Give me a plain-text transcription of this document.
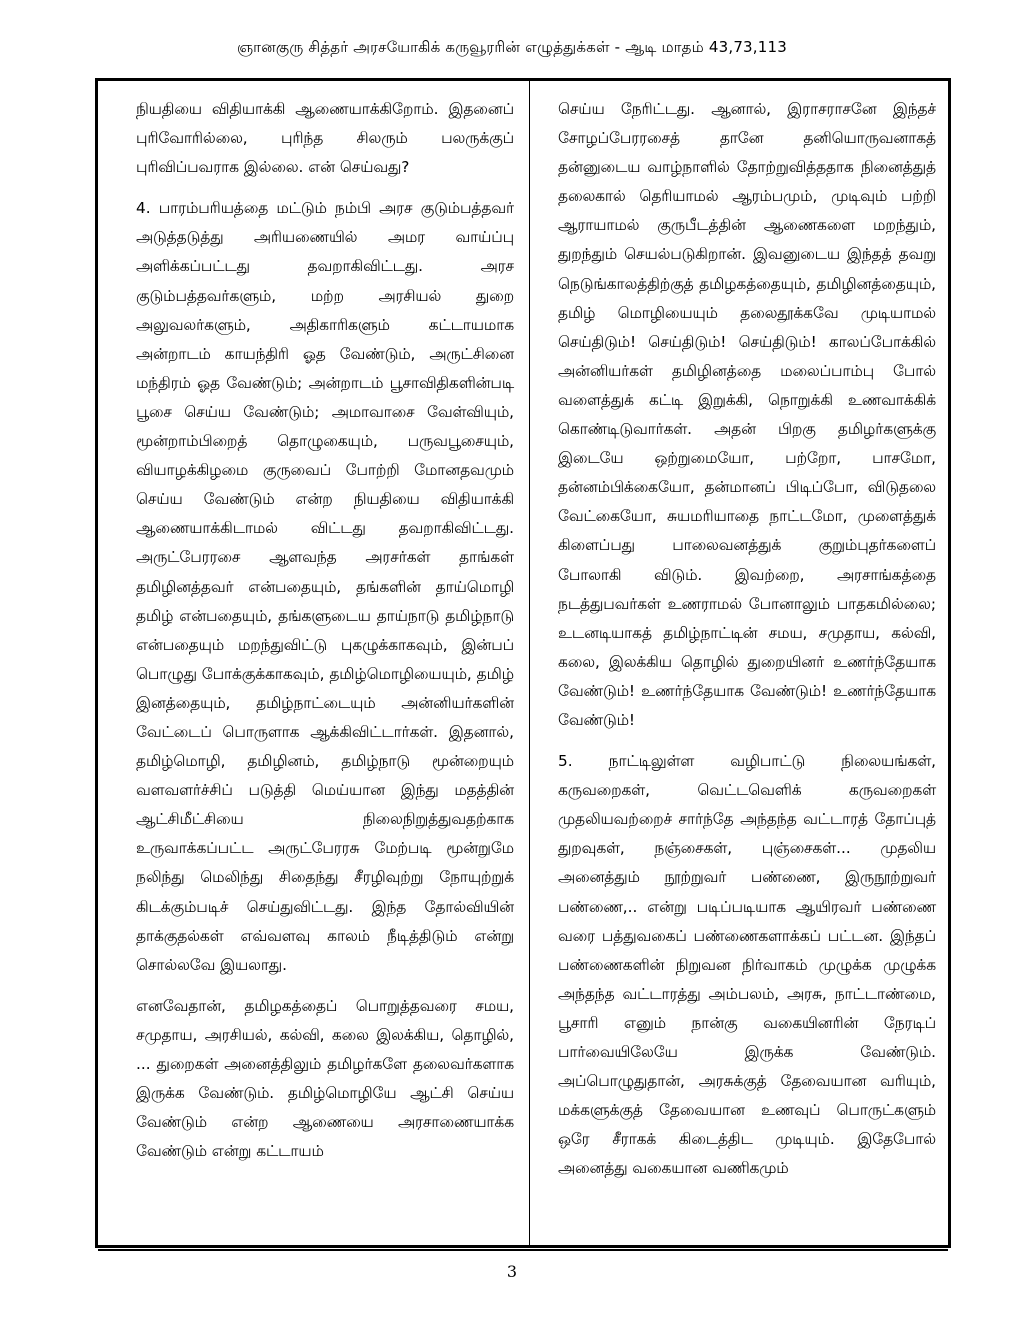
ஞானகுரு சித்தர் அரசயோகிக் கருவூரரின் எழுத்துக்கள் - ஆடி மாதம் 43,73,113

நியதியை விதியாக்கி ஆணையாக்கிறோம். இதனைப் புரிவோரில்லை, புரிந்த சிலரும் பலருக்குப் புரிவிப்பவராக இல்லை. என் செய்வது?

4. பாரம்பரியத்தை மட்டும் நம்பி அரச குடும்பத்தவர் அடுத்தடுத்து அரியணையில் அமர வாய்ப்பு அளிக்கப்பட்டது தவறாகிவிட்டது. அரச குடும்பத்தவர்களும், மற்ற அரசியல் துறை அலுவலர்களும், அதிகாரிகளும் கட்டாயமாக அன்றாடம் காயந்திரி ஓத வேண்டும், அருட்சினை மந்திரம் ஓத வேண்டும்; அன்றாடம் பூசாவிதிகளின்படி பூசை செய்ய வேண்டும்; அமாவாசை வேள்வியும், மூன்றாம்பிறைத் தொழுகையும், பருவபூசையும், வியாழக்கிழமை குருவைப் போற்றி மோனதவமும் செய்ய வேண்டும் என்ற நியதியை விதியாக்கி ஆணையாக்கிடாமல் விட்டது தவறாகிவிட்டது. அருட்பேரரசை ஆளவந்த அரசர்கள் தாங்கள் தமிழினத்தவர் என்பதையும், தங்களின் தாய்மொழி தமிழ் என்பதையும், தங்களுடைய தாய்நாடு தமிழ்நாடு என்பதையும் மறந்துவிட்டு புகழுக்காகவும், இன்பப் பொழுது போக்குக்காகவும், தமிழ்மொழியையும், தமிழ் இனத்தையும், தமிழ்நாட்டையும் அன்னியர்களின் வேட்டைப் பொருளாக ஆக்கிவிட்டார்கள். இதனால், தமிழ்மொழி, தமிழினம், தமிழ்நாடு மூன்றையும் வளவளர்ச்சிப் படுத்தி மெய்யான இந்து மதத்தின் ஆட்சிமீட்சியை நிலைநிறுத்துவதற்காக உருவாக்கப்பட்ட அருட்பேரரசு மேற்படி மூன்றுமே நலிந்து மெலிந்து சிதைந்து சீரழிவுற்று நோயுற்றுக் கிடக்கும்படிச் செய்துவிட்டது. இந்த தோல்வியின் தாக்குதல்கள் எவ்வளவு காலம் நீடித்திடும் என்று சொல்லவே இயலாது.

எனவேதான், தமிழகத்தைப் பொறுத்தவரை சமய, சமுதாய, அரசியல், கல்வி, கலை இலக்கிய, தொழில், ... துறைகள் அனைத்திலும் தமிழர்களே தலைவர்களாக இருக்க வேண்டும். தமிழ்மொழியே ஆட்சி செய்ய வேண்டும் என்ற ஆணையை அரசாணையாக்க வேண்டும் என்று கட்டாயம்

செய்ய நேரிட்டது. ஆனால், இராசராசனே இந்தச் சோழப்பேரரசைத் தானே தனியொருவனாகத் தன்னுடைய வாழ்நாளில் தோற்றுவித்ததாக நினைத்துத் தலைகால் தெரியாமல் ஆரம்பமும், முடிவும் பற்றி ஆராயாமல் குருபீடத்தின் ஆணைகளை மறந்தும், துறந்தும் செயல்படுகிறான். இவனுடைய இந்தத் தவறு நெடுங்காலத்திற்குத் தமிழகத்தையும், தமிழினத்தையும், தமிழ் மொழியையும் தலைதூக்கவே முடியாமல் செய்திடும்! செய்திடும்! செய்திடும்! காலப்போக்கில் அன்னியர்கள் தமிழினத்தை மலைப்பாம்பு போல் வளைத்துக் கட்டி இறுக்கி, நொறுக்கி உணவாக்கிக் கொண்டிடுவார்கள். அதன் பிறகு தமிழர்களுக்கு இடையே ஒற்றுமையோ, பற்றோ, பாசமோ, தன்னம்பிக்கையோ, தன்மானப் பிடிப்போ, விடுதலை வேட்கையோ, சுயமரியாதை நாட்டமோ, முளைத்துக் கிளைப்பது பாலைவனத்துக் குறும்புதர்களைப் போலாகி விடும். இவற்றை, அரசாங்கத்தை நடத்துபவர்கள் உணராமல் போனாலும் பாதகமில்லை; உடனடியாகத் தமிழ்நாட்டின் சமய, சமுதாய, கல்வி, கலை, இலக்கிய தொழில் துறையினர் உணர்ந்தேயாக வேண்டும்! உணர்ந்தேயாக வேண்டும்! உணர்ந்தேயாக வேண்டும்!

5. நாட்டிலுள்ள வழிபாட்டு நிலையங்கள், கருவறைகள், வெட்டவெளிக் கருவறைகள் முதலியவற்றைச் சார்ந்தே அந்தந்த வட்டாரத் தோப்புத் துறவுகள், நஞ்சைகள், புஞ்சைகள்... முதலிய அனைத்தும் நூற்றுவர் பண்ணை, இருநூற்றுவர் பண்ணை,.. என்று படிப்படியாக ஆயிரவர் பண்ணை வரை பத்துவகைப் பண்ணைகளாக்கப் பட்டன. இந்தப் பண்ணைகளின் நிறுவன நிர்வாகம் முழுக்க முழுக்க அந்தந்த வட்டாரத்து அம்பலம், அரசு, நாட்டாண்மை, பூசாரி எனும் நான்கு வகையினரின் நேரடிப் பார்வையிலேயே இருக்க வேண்டும். அப்பொழுதுதான், அரசுக்குத் தேவையான வரியும், மக்களுக்குத் தேவையான உணவுப் பொருட்களும் ஒரே சீராகக் கிடைத்திட முடியும். இதேபோல் அனைத்து வகையான வணிகமும்

3
